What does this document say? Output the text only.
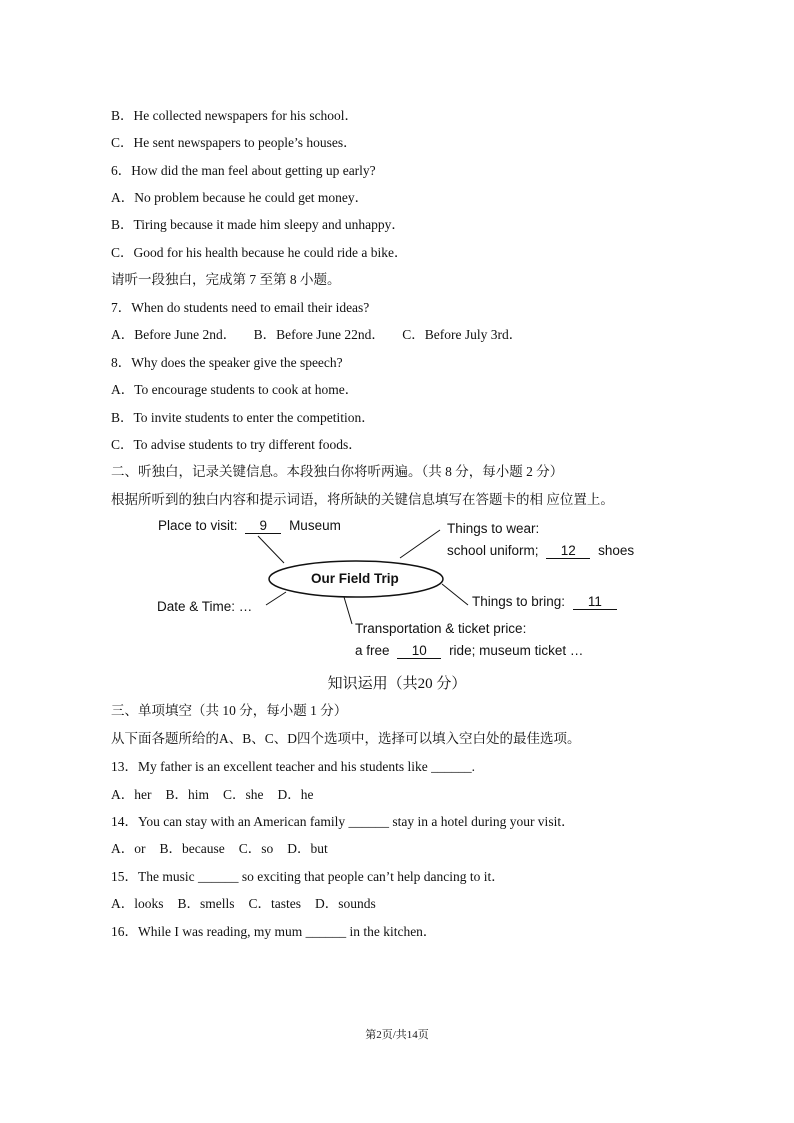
B．He collected newspapers for his school．
C．He sent newspapers to people’s houses．
6．How did the man feel about getting up early?
A．No problem because he could get money．
B．Tiring because it made him sleepy and unhappy．
C．Good for his health because he could ride a bike．
请听一段独白，完成第 7 至第 8 小题。
7．When do students need to email their ideas?
A．Before June 2nd． B．Before June 22nd． C．Before July 3rd．
8．Why does the speaker give the speech?
A．To encourage students to cook at home．
B．To invite students to enter the competition．
C．To advise students to try different foods．
二、听独白，记录关键信息。本段独白你将听两遍。（共 8 分，每小题 2 分）
根据所听到的独白内容和提示词语，将所缺的关键信息填写在答题卡的相 应位置上。
Our Field Trip
Place to visit: 9 Museum	Things to wear:
school uniform; 12 shoes
Date & Time: …	Things to bring: 11
Transportation & ticket price:
a free 10 ride; museum ticket …
知识运用（共20 分）
三、单项填空（共 10 分，每小题 1 分）
从下面各题所给的A、B、C、D四个选项中，选择可以填入空白处的最佳选项。
13．My father is an excellent teacher and his students like ______.
A．her B．him C．she D．he
14．You can stay with an American family ______ stay in a hotel during your visit．
A．or B．because C．so D．but
15．The music ______ so exciting that people can’t help dancing to it．
A．looks B．smells C．tastes D．sounds
16．While I was reading, my mum ______ in the kitchen．
第2页/共14页
